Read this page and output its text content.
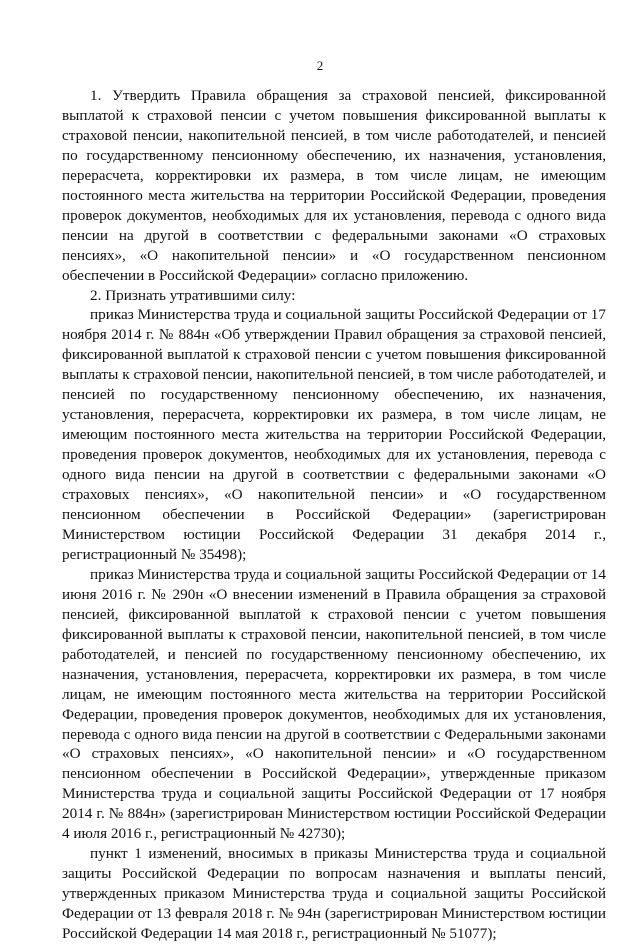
2

1. Утвердить Правила обращения за страховой пенсией, фиксированной выплатой к страховой пенсии с учетом повышения фиксированной выплаты к страховой пенсии, накопительной пенсией, в том числе работодателей, и пенсией по государственному пенсионному обеспечению, их назначения, установления, перерасчета, корректировки их размера, в том числе лицам, не имеющим постоянного места жительства на территории Российской Федерации, проведения проверок документов, необходимых для их установления, перевода с одного вида пенсии на другой в соответствии с федеральными законами «О страховых пенсиях», «О накопительной пенсии» и «О государственном пенсионном обеспечении в Российской Федерации» согласно приложению.

2. Признать утратившими силу:

приказ Министерства труда и социальной защиты Российской Федерации от 17 ноября 2014 г. № 884н «Об утверждении Правил обращения за страховой пенсией, фиксированной выплатой к страховой пенсии с учетом повышения фиксированной выплаты к страховой пенсии, накопительной пенсией, в том числе работодателей, и пенсией по государственному пенсионному обеспечению, их назначения, установления, перерасчета, корректировки их размера, в том числе лицам, не имеющим постоянного места жительства на территории Российской Федерации, проведения проверок документов, необходимых для их установления, перевода с одного вида пенсии на другой в соответствии с федеральными законами «О страховых пенсиях», «О накопительной пенсии» и «О государственном пенсионном обеспечении в Российской Федерации» (зарегистрирован Министерством юстиции Российской Федерации 31 декабря 2014 г., регистрационный № 35498);

приказ Министерства труда и социальной защиты Российской Федерации от 14 июня 2016 г. № 290н «О внесении изменений в Правила обращения за страховой пенсией, фиксированной выплатой к страховой пенсии с учетом повышения фиксированной выплаты к страховой пенсии, накопительной пенсией, в том числе работодателей, и пенсией по государственному пенсионному обеспечению, их назначения, установления, перерасчета, корректировки их размера, в том числе лицам, не имеющим постоянного места жительства на территории Российской Федерации, проведения проверок документов, необходимых для их установления, перевода с одного вида пенсии на другой в соответствии с Федеральными законами «О страховых пенсиях», «О накопительной пенсии» и «О государственном пенсионном обеспечении в Российской Федерации», утвержденные приказом Министерства труда и социальной защиты Российской Федерации от 17 ноября 2014 г. № 884н» (зарегистрирован Министерством юстиции Российской Федерации 4 июля 2016 г., регистрационный № 42730);

пункт 1 изменений, вносимых в приказы Министерства труда и социальной защиты Российской Федерации по вопросам назначения и выплаты пенсий, утвержденных приказом Министерства труда и социальной защиты Российской Федерации от 13 февраля 2018 г. № 94н (зарегистрирован Министерством юстиции Российской Федерации 14 мая 2018 г., регистрационный № 51077);
